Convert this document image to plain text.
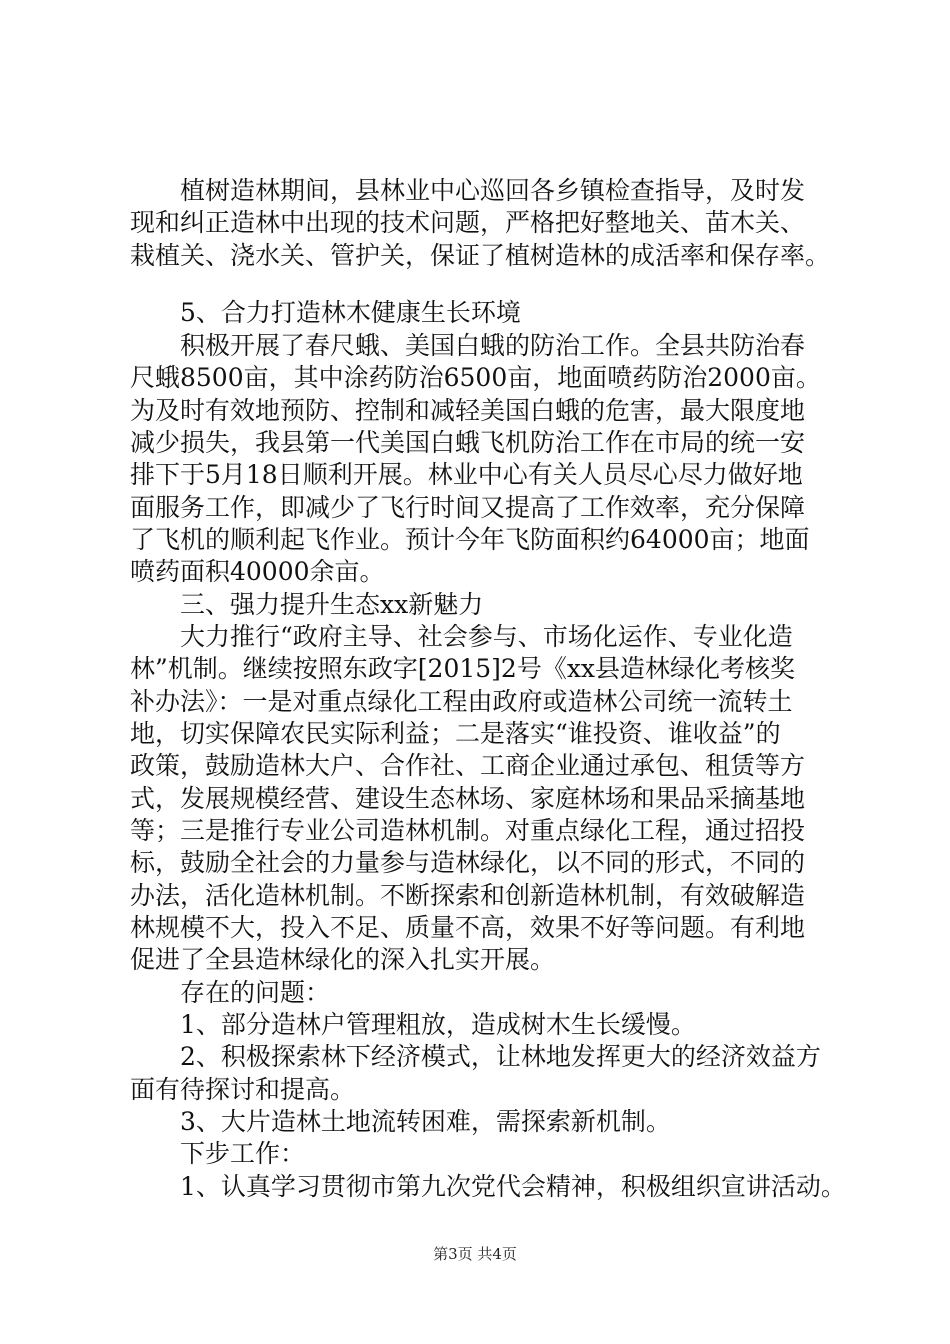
植树造林期间，县林业中心巡回各乡镇检查指导，及时发
现和纠正造林中出现的技术问题，严格把好整地关、苗木关、
栽植关、浇水关、管护关，保证了植树造林的成活率和保存率。
5、合力打造林木健康生长环境
积极开展了春尺蛾、美国白蛾的防治工作。全县共防治春
尺蛾8500亩，其中涂药防治6500亩，地面喷药防治2000亩。
为及时有效地预防、控制和减轻美国白蛾的危害，最大限度地
减少损失，我县第一代美国白蛾飞机防治工作在市局的统一安
排下于5月18日顺利开展。林业中心有关人员尽心尽力做好地
面服务工作，即减少了飞行时间又提高了工作效率，充分保障
了飞机的顺利起飞作业。预计今年飞防面积约64000亩；地面
喷药面积40000余亩。
三、强力提升生态xx新魅力
大力推行“政府主导、社会参与、市场化运作、专业化造
林”机制。继续按照东政字[2015]2号《xx县造林绿化考核奖
补办法》：一是对重点绿化工程由政府或造林公司统一流转土
地，切实保障农民实际利益；二是落实“谁投资、谁收益”的
政策，鼓励造林大户、合作社、工商企业通过承包、租赁等方
式，发展规模经营、建设生态林场、家庭林场和果品采摘基地
等；三是推行专业公司造林机制。对重点绿化工程，通过招投
标，鼓励全社会的力量参与造林绿化，以不同的形式，不同的
办法，活化造林机制。不断探索和创新造林机制，有效破解造
林规模不大，投入不足、质量不高，效果不好等问题。有利地
促进了全县造林绿化的深入扎实开展。
存在的问题：
1、部分造林户管理粗放，造成树木生长缓慢。
2、积极探索林下经济模式，让林地发挥更大的经济效益方
面有待探讨和提高。
3、大片造林土地流转困难，需探索新机制。
下步工作：
1、认真学习贯彻市第九次党代会精神，积极组织宣讲活动。
第3页 共4页
